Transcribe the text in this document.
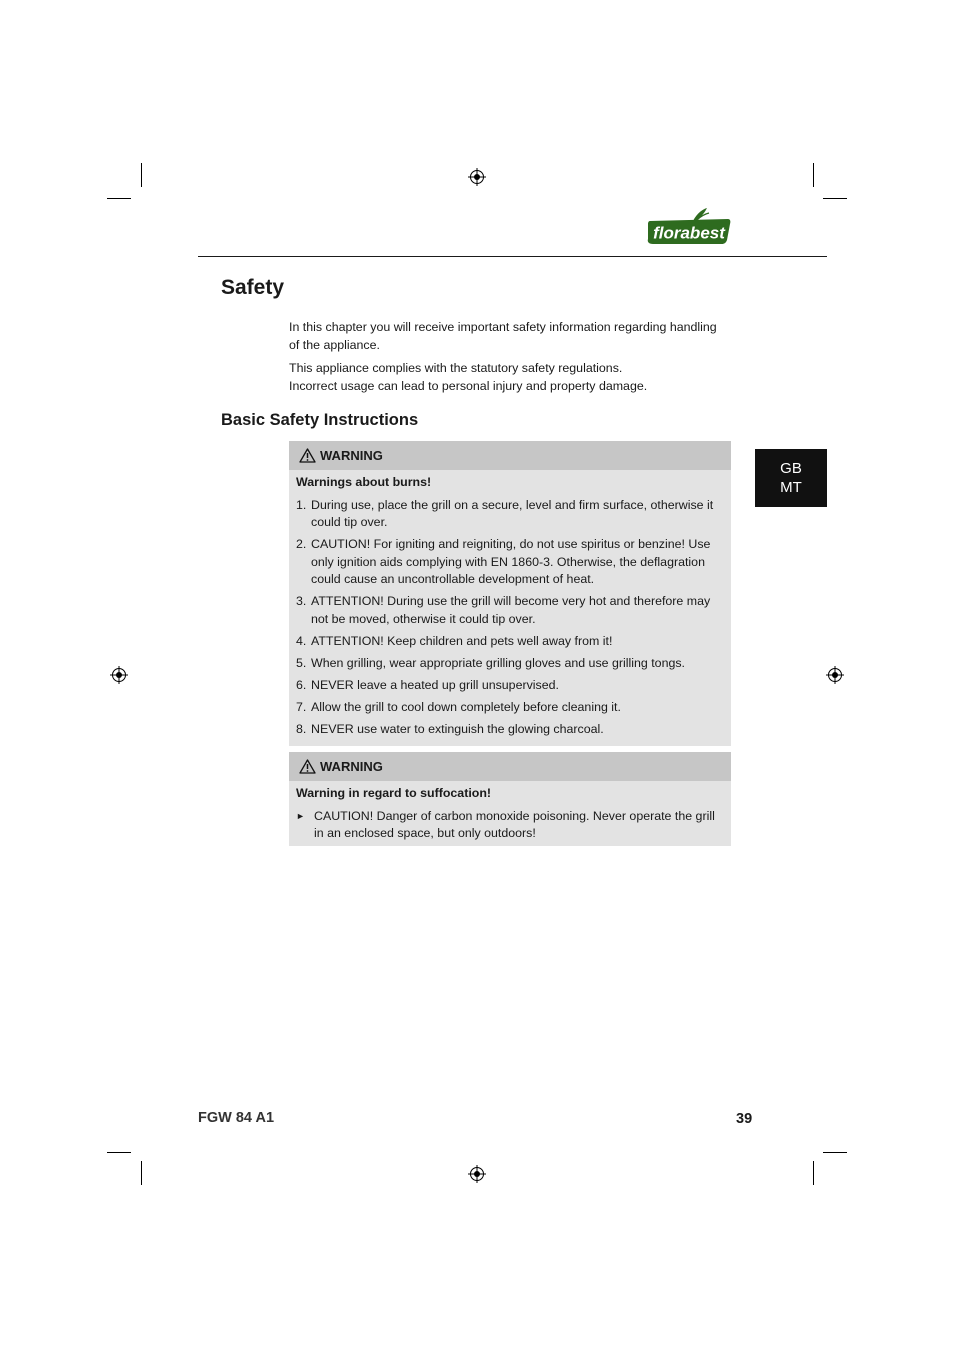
florabest
Safety

In this chapter you will receive important safety information regarding handling of the appliance.

This appliance complies with the statutory safety regulations. Incorrect usage can lead to personal injury and property damage.

Basic Safety Instructions
GB
MT
WARNING
Warnings about burns!
1. During use, place the grill on a secure, level and firm surface, otherwise it could tip over.
2. CAUTION! For igniting and reigniting, do not use spiritus or benzine! Use only ignition aids complying with EN 1860-3. Otherwise, the deflagration could cause an uncontrollable development of heat.
3. ATTENTION! During use the grill will become very hot and therefore may not be moved, otherwise it could tip over.
4. ATTENTION! Keep children and pets well away from it!
5. When grilling, wear appropriate grilling gloves and use grilling tongs.
6. NEVER leave a heated up grill unsupervised.
7. Allow the grill to cool down completely before cleaning it.
8. NEVER use water to extinguish the glowing charcoal.
WARNING
Warning in regard to suffocation!
► CAUTION! Danger of carbon monoxide poisoning. Never operate the grill in an enclosed space, but only outdoors!
FGW 84 A1	39
